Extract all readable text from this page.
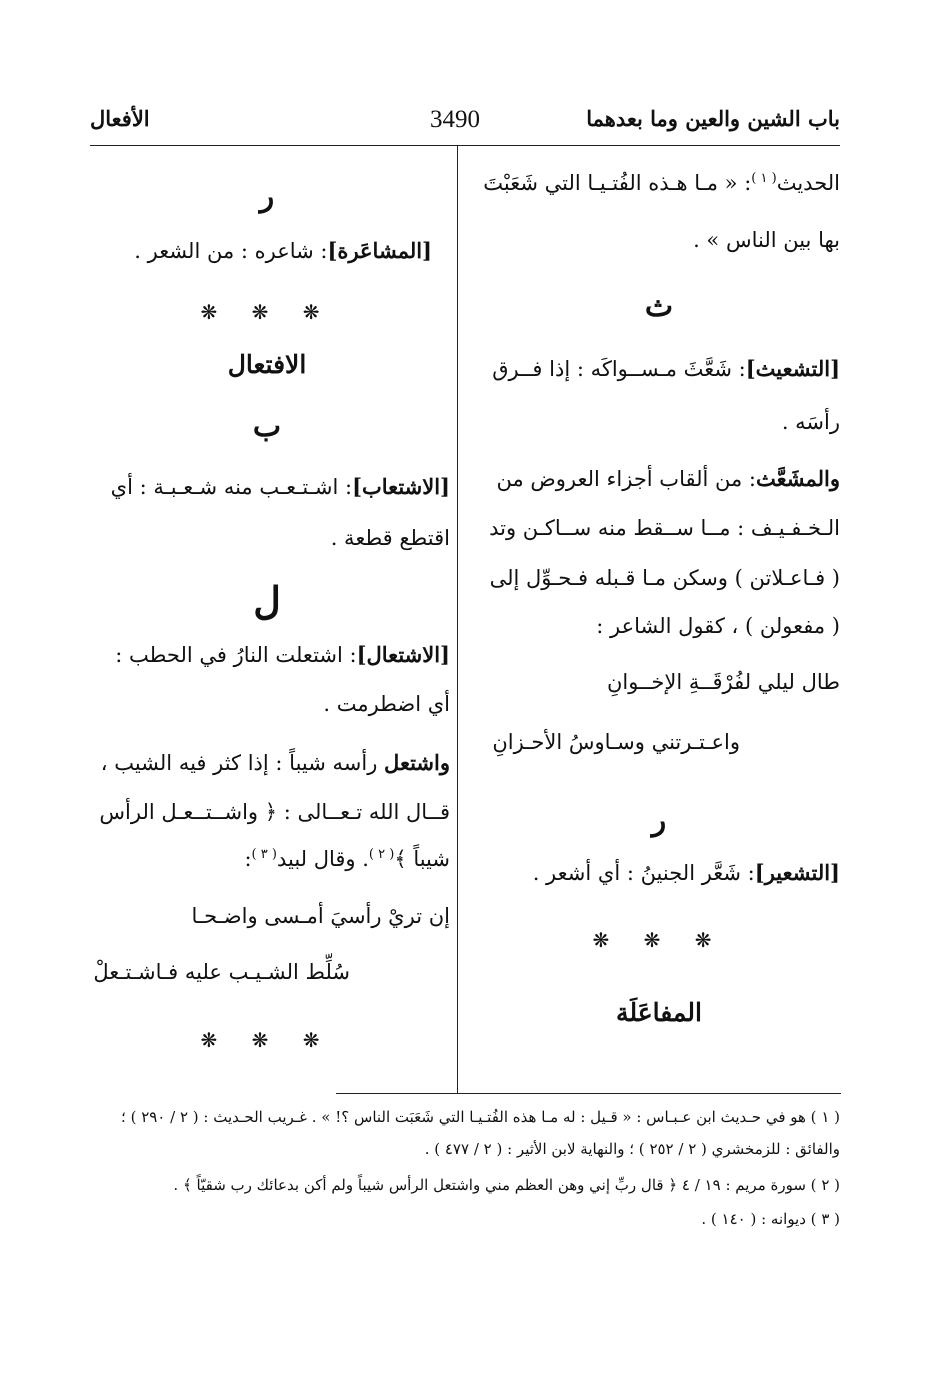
باب الشين والعين وما بعدهما
3490
الأفعال
الحديث$^{( ١ )}$: « مـا هـذه الفُتـيـا التي شَعَبْتَ
بها بين الناس » .
ث
[التشعيث]: شَعَّثَ مـســواكَه : إذا فــرق
رأسَه .
والمشَعَّث: من ألقاب أجزاء العروض من
الـخـفـيـف : مــا ســقط منه ســاكـن وتد
( فـاعـلاتن ) وسكن مـا قـبله فـحـوِّل إلى
( مفعولن ) ، كقول الشاعر :
طال ليلي لفُرْقَــةِ الإخــوانِ
واعـتـرتني وسـاوسُ الأحـزانِ
ر
[التشعير]: شَعَّر الجنينُ : أي أشعر .
❋ ❋ ❋
المفاعَلَة
ر
[المشاعَرة]: شاعره : من الشعر .
❋ ❋ ❋
الافتعال
ب
[الاشتعاب]: اشـتـعـب منه شـعـبـة : أي
اقتطع قطعة .
ل
[الاشتعال]: اشتعلت النارُ في الحطب :
أي اضطرمت .
واشتعل رأسه شيباً : إذا كثر فيه الشيب ،
قــال الله تـعــالى : ﴿ واشــتــعـل الرأس
شيباً ﴾$^{( ٢ )}$. وقال لبيد$^{( ٣ )}$:
إن تريْ رأسيَ أمـسى واضـحـا
سُلِّط الشـيـب عليه فـاشـتـعلْ
❋ ❋ ❋
( ١ ) هو في حـديث ابن عـبـاس : « قـيل : له مـا هذه الفُتـيـا التي شَعَبَت الناس ؟! » . غـريب الحـديث : ( ٢ / ٢٩٠ ) ؛
والفائق : للزمخشري ( ٢ / ٢٥٢ ) ؛ والنهاية لابن الأثير : ( ٢ / ٤٧٧ ) .
( ٢ ) سورة مريم : ١٩ / ٤ ﴿ قال ربِّ إني وهن العظم مني واشتعل الرأس شيباً ولم أكن بدعائك رب شقيّاً ﴾ .
( ٣ ) ديوانه : ( ١٤٠ ) .
